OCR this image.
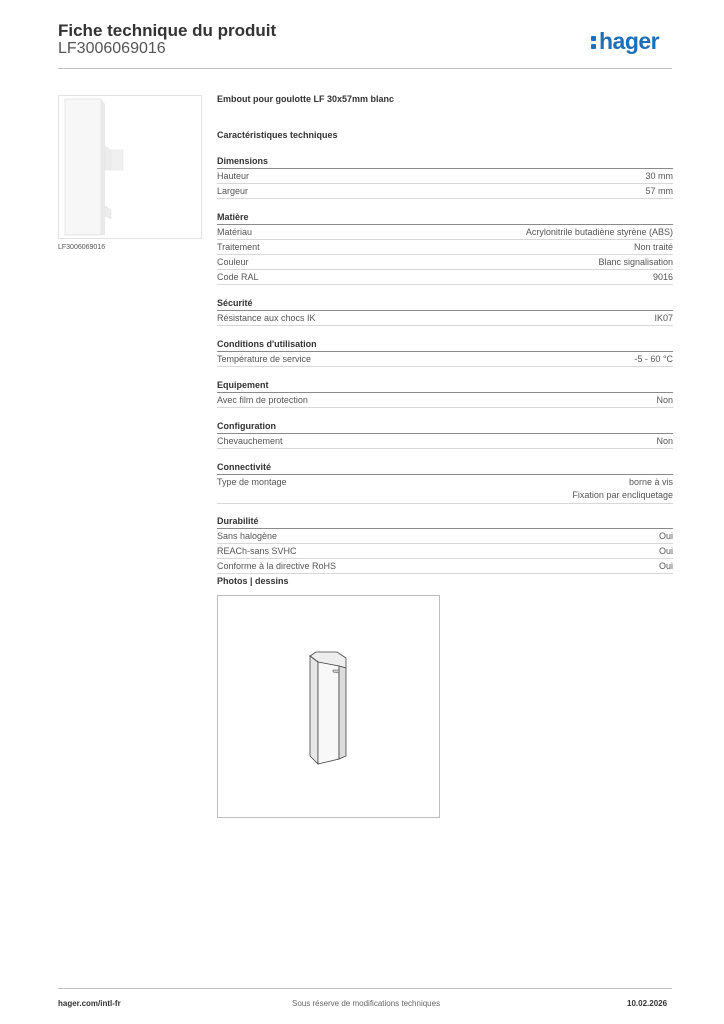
Fiche technique du produit
LF3006069016	hager
LF3006069016
Embout pour goulotte LF 30x57mm blanc
Caractéristiques techniques
Dimensions
Hauteur	30 mm
Largeur	57 mm
Matière
Matériau	Acrylonitrile butadiène styrène (ABS)
Traitement	Non traité
Couleur	Blanc signalisation
Code RAL	9016
Sécurité
Résistance aux chocs IK	IK07
Conditions d'utilisation
Température de service	-5 - 60 °C
Equipement
Avec film de protection	Non
Configuration
Chevauchement	Non
Connectivité
Type de montage	borne à vis
Fixation par encliquetage
Durabilité
Sans halogène	Oui
REACh-sans SVHC	Oui
Conforme à la directive RoHS	Oui
Photos | dessins
hager.com/intl-fr	Sous réserve de modifications techniques	10.02.2026
